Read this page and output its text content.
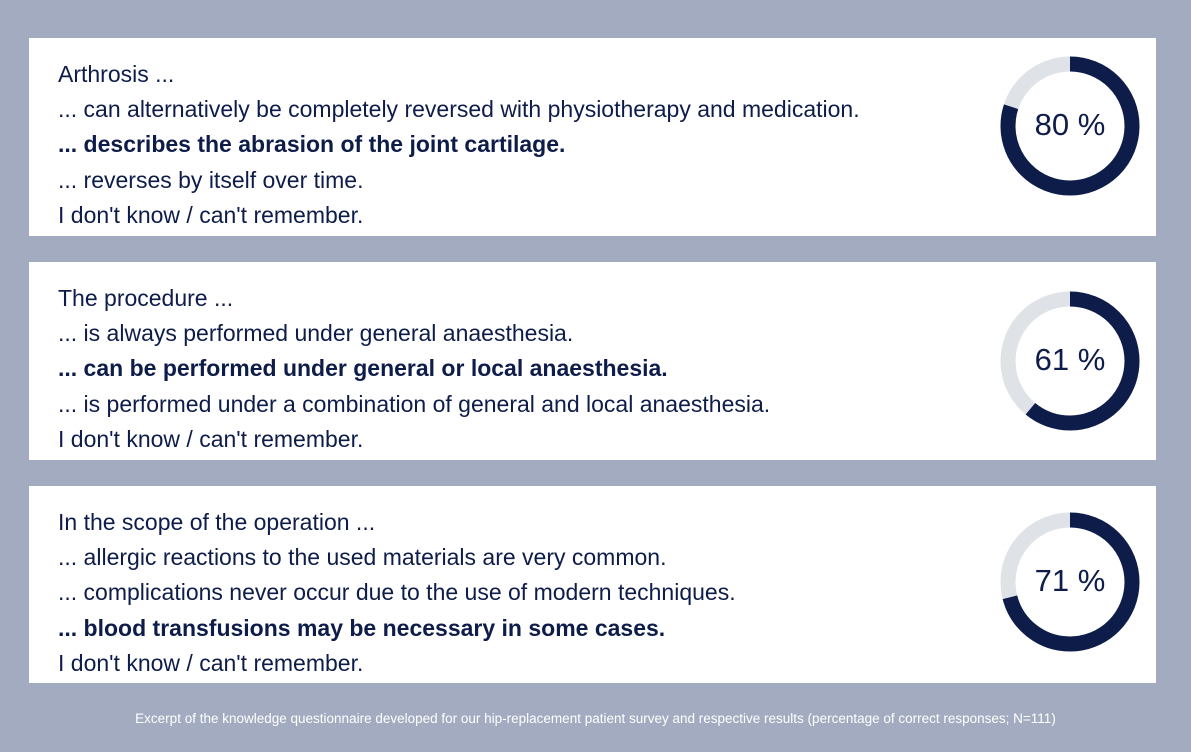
Arthrosis ...
... can alternatively be completely reversed with physiotherapy and medication.
... describes the abrasion of the joint cartilage.
... reverses by itself over time.
I don't know / can't remember.
80 %
The procedure ...
... is always performed under general anaesthesia.
... can be performed under general or local anaesthesia.
... is performed under a combination of general and local anaesthesia.
I don't know / can't remember.
61 %
In the scope of the operation ...
... allergic reactions to the used materials are very common.
... complications never occur due to the use of modern techniques.
... blood transfusions may be necessary in some cases.
I don't know / can't remember.
71 %
Excerpt of the knowledge questionnaire developed for our hip-replacement patient survey and respective results (percentage of correct responses; N=111)
